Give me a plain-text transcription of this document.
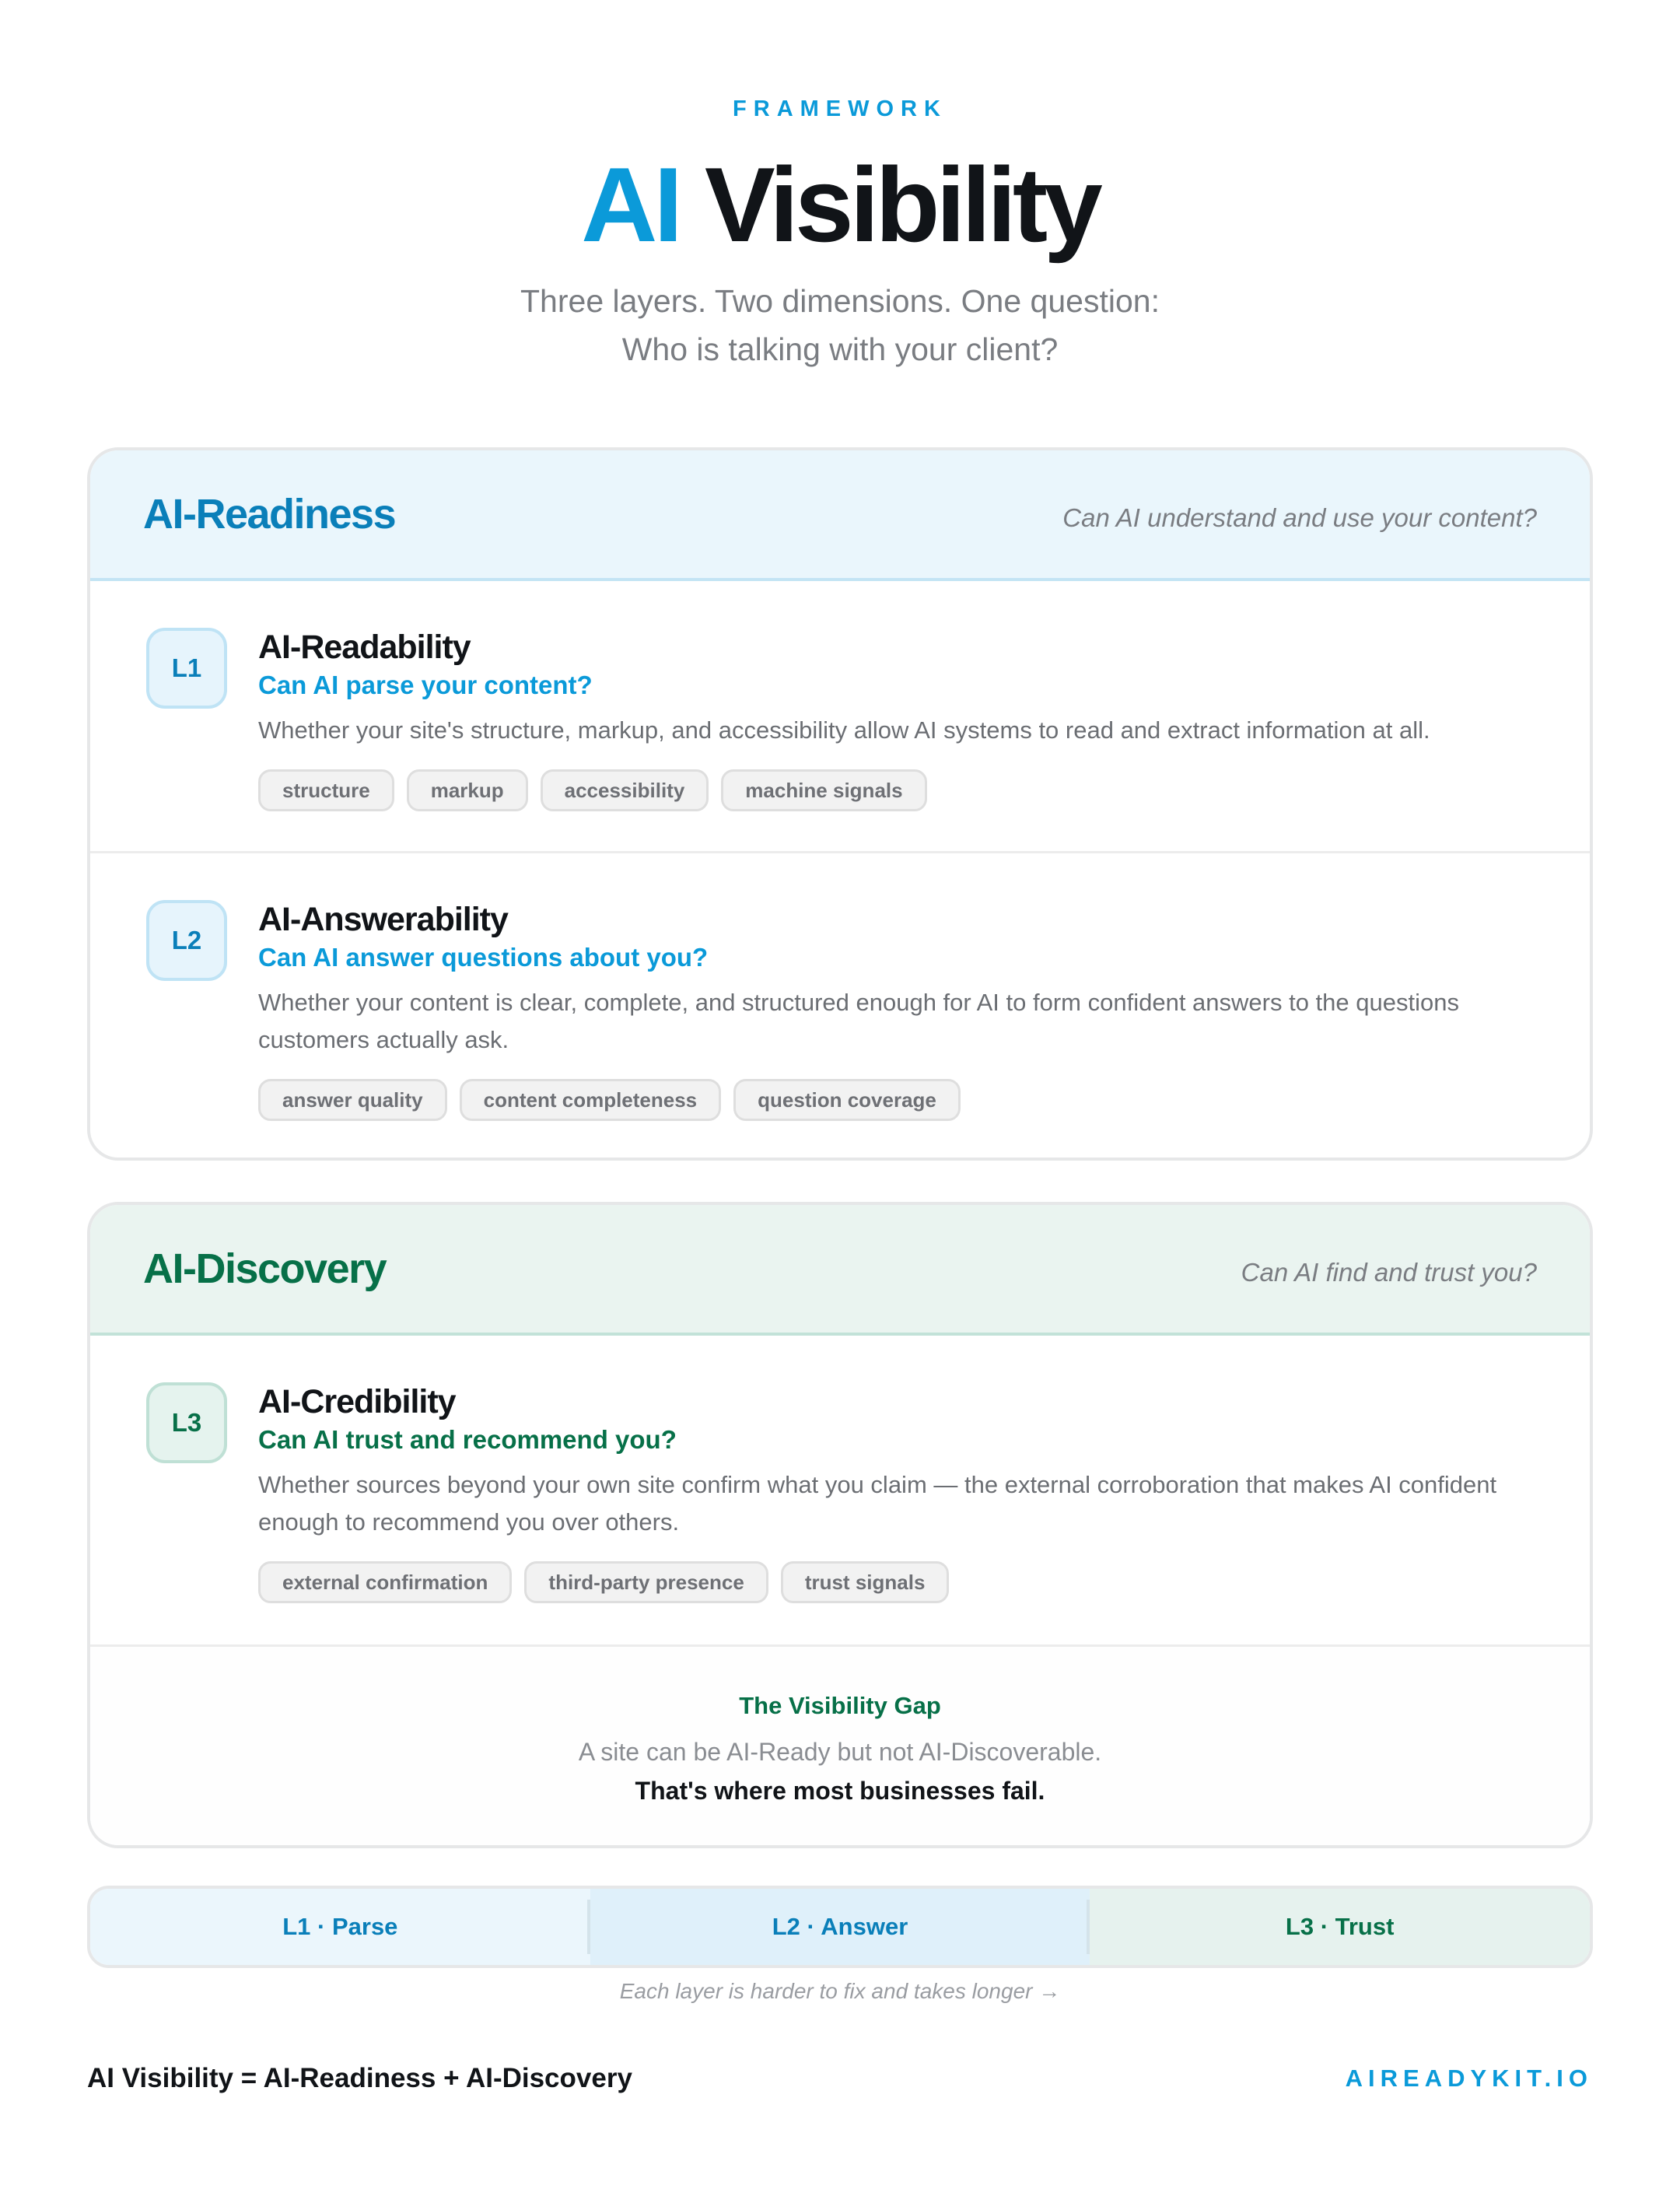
FRAMEWORK
AI Visibility
Three layers. Two dimensions. One question:
Who is talking with your client?
AI-Readiness	Can AI understand and use your content?
L1
AI-Readability
Can AI parse your content?
Whether your site's structure, markup, and accessibility allow AI systems to read and extract information at all.
structure	markup	accessibility	machine signals
L2
AI-Answerability
Can AI answer questions about you?
Whether your content is clear, complete, and structured enough for AI to form confident answers to the questions customers actually ask.
answer quality	content completeness	question coverage
AI-Discovery	Can AI find and trust you?
L3
AI-Credibility
Can AI trust and recommend you?
Whether sources beyond your own site confirm what you claim — the external corroboration that makes AI confident enough to recommend you over others.
external confirmation	third-party presence	trust signals
The Visibility Gap
A site can be AI-Ready but not AI-Discoverable.
That's where most businesses fail.
L1 · Parse	L2 · Answer	L3 · Trust
Each layer is harder to fix and takes longer →
AI Visibility = AI-Readiness + AI-Discovery	AIREADYKIT.IO
